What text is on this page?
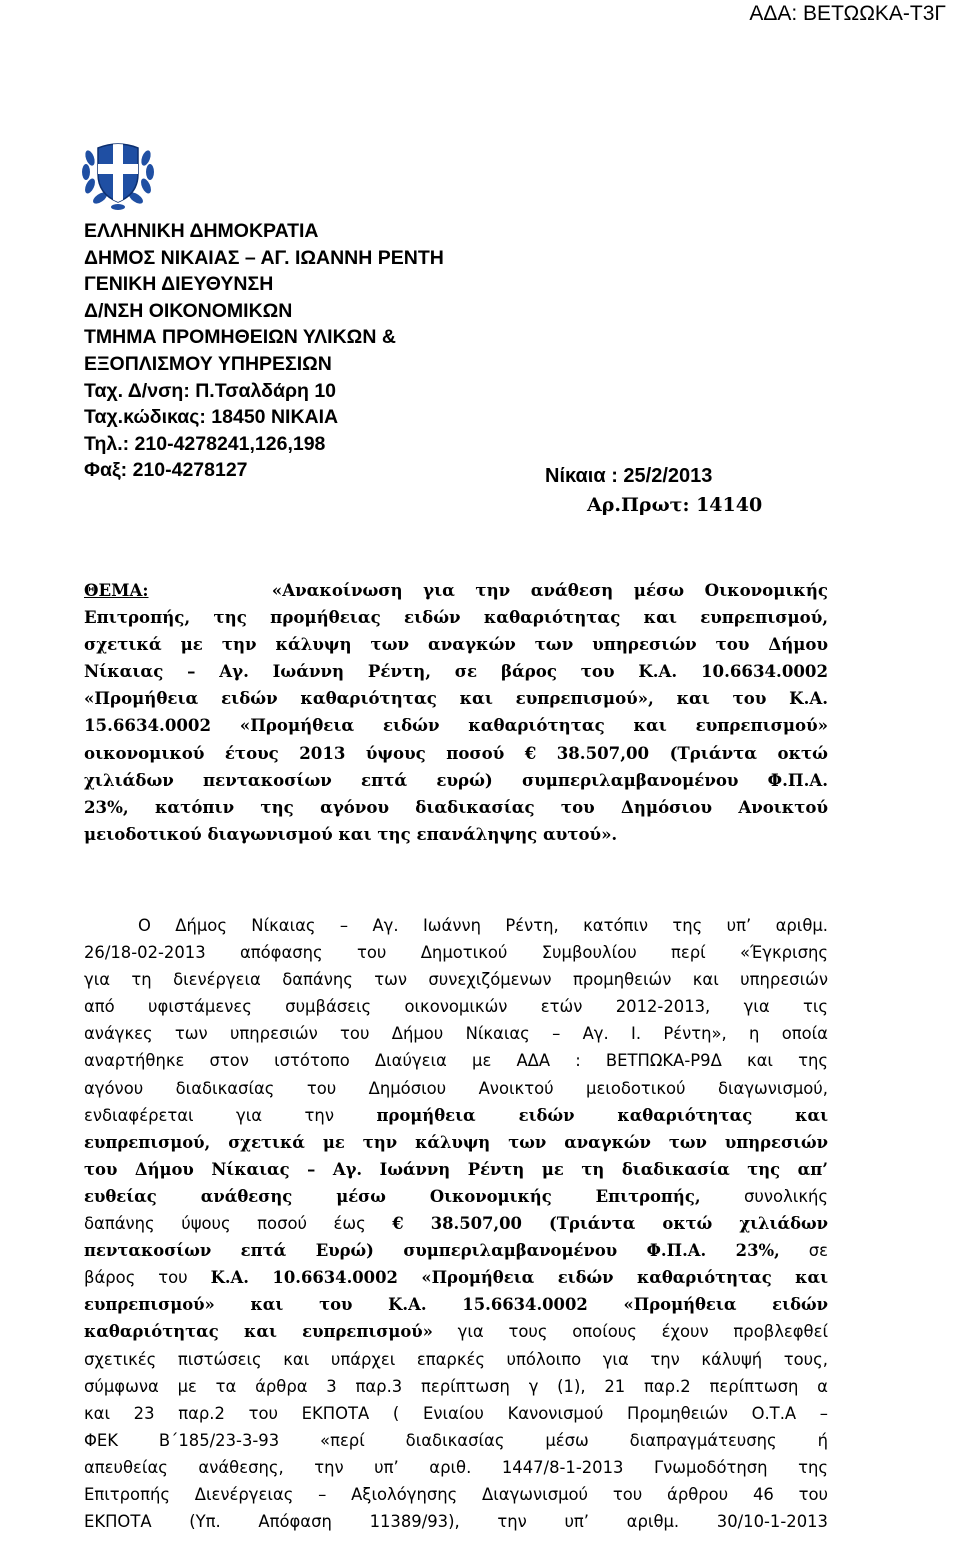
ΑΔΑ: ΒΕΤΩΩΚΑ-Τ3Γ
ΕΛΛΗΝΙΚΗ ΔΗΜΟΚΡΑΤΙΑ
ΔΗΜΟΣ ΝΙΚΑΙΑΣ – ΑΓ. ΙΩΑΝΝΗ ΡΕΝΤΗ
ΓΕΝΙΚΗ ΔΙΕΥΘΥΝΣΗ
Δ/ΝΣΗ ΟΙΚΟΝΟΜΙΚΩΝ
ΤΜΗΜΑ ΠΡΟΜΗΘΕΙΩΝ ΥΛΙΚΩΝ &
ΕΞΟΠΛΙΣΜΟΥ ΥΠΗΡΕΣΙΩΝ
Ταχ. Δ/νση: Π.Τσαλδάρη 10
Ταχ.κώδικας: 18450 ΝΙΚΑΙΑ
Τηλ.: 210-4278241,126,198
Φαξ: 210-4278127	Νίκαια : 25/2/2013
Αρ.Πρωτ: 14140
ΘΕΜΑ:	«Ανακοίνωση για την ανάθεση μέσω Οικονομικής
Επιτροπής, της προμήθειας ειδών καθαριότητας και ευπρεπισμού,
σχετικά με την κάλυψη των αναγκών των υπηρεσιών του Δήμου
Νίκαιας – Αγ. Ιωάννη Ρέντη, σε βάρος του Κ.Α. 10.6634.0002
«Προμήθεια ειδών καθαριότητας και ευπρεπισμού», και του Κ.Α.
15.6634.0002 «Προμήθεια ειδών καθαριότητας και ευπρεπισμού»
οικονομικού έτους 2013 ύψους ποσού € 38.507,00 (Τριάντα οκτώ
χιλιάδων πεντακοσίων επτά ευρώ) συμπεριλαμβανομένου Φ.Π.Α.
23%, κατόπιν της αγόνου διαδικασίας του Δημόσιου Ανοικτού
μειοδοτικού διαγωνισμού και της επανάληψης αυτού».
Ο Δήμος Νίκαιας – Αγ. Ιωάννη Ρέντη, κατόπιν της υπ’ αριθμ.
26/18-02-2013 απόφασης του Δημοτικού Συμβουλίου περί «Έγκρισης
για τη διενέργεια δαπάνης των συνεχιζόμενων προμηθειών και υπηρεσιών
από υφιστάμενες συμβάσεις οικονομικών ετών 2012-2013, για τις
ανάγκες των υπηρεσιών του Δήμου Νίκαιας – Αγ. Ι. Ρέντη», η οποία
αναρτήθηκε στον ιστότοπο Διαύγεια με ΑΔΑ : ΒΕΤΠΩΚΑ-Ρ9Δ και της
αγόνου διαδικασίας του Δημόσιου Ανοικτού μειοδοτικού διαγωνισμού,
ενδιαφέρεται για την προμήθεια ειδών καθαριότητας και
ευπρεπισμού, σχετικά με την κάλυψη των αναγκών των υπηρεσιών
του Δήμου Νίκαιας – Αγ. Ιωάννη Ρέντη με τη διαδικασία της απ’
ευθείας ανάθεσης μέσω Οικονομικής Επιτροπής, συνολικής
δαπάνης ύψους ποσού έως € 38.507,00 (Τριάντα οκτώ χιλιάδων
πεντακοσίων επτά Ευρώ) συμπεριλαμβανομένου Φ.Π.Α. 23%, σε
βάρος του Κ.Α. 10.6634.0002 «Προμήθεια ειδών καθαριότητας και
ευπρεπισμού» και του Κ.Α. 15.6634.0002 «Προμήθεια ειδών
καθαριότητας και ευπρεπισμού» για τους οποίους έχουν προβλεφθεί
σχετικές πιστώσεις και υπάρχει επαρκές υπόλοιπο για την κάλυψή τους,
σύμφωνα με τα άρθρα 3 παρ.3 περίπτωση γ (1), 21 παρ.2 περίπτωση α
και 23 παρ.2 του ΕΚΠΟΤΑ ( Ενιαίου Κανονισμού Προμηθειών Ο.Τ.Α –
ΦΕΚ Β΄185/23-3-93 «περί διαδικασίας μέσω διαπραγμάτευσης ή
απευθείας ανάθεσης, την υπ’ αριθ. 1447/8-1-2013 Γνωμοδότηση της
Επιτροπής Διενέργειας – Αξιολόγησης Διαγωνισμού του άρθρου 46 του
ΕΚΠΟΤΑ (Υπ. Απόφαση 11389/93), την υπ’ αριθμ. 30/10-1-2013
